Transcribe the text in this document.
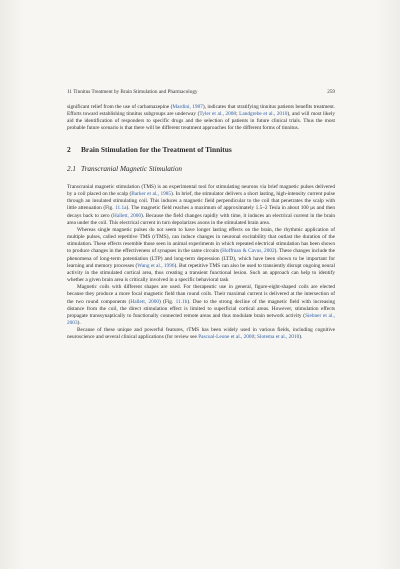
11 Tinnitus Treatment by Brain Stimulation and Pharmacology	259

significant relief from the use of carbamazepine (Mardini, 1987), indicates that stratifying tinnitus patients benefits treatment. Efforts toward establishing tinnitus subgroups are underway (Tyler et al., 2008; Landgrebe et al., 2010), and will most likely aid the identification of responders to specific drugs and the selection of patients in future clinical trials. Thus the most probable future scenario is that there will be different treatment approaches for the different forms of tinnitus.

2 Brain Stimulation for the Treatment of Tinnitus
2.1 Transcranial Magnetic Stimulation

Transcranial magnetic stimulation (TMS) is an experimental tool for stimulating neurons via brief magnetic pulses delivered by a coil placed on the scalp (Barker et al., 1985). In brief, the stimulator delivers a short lasting, high-intensity current pulse through an insulated stimulating coil. This induces a magnetic field perpendicular to the coil that penetrates the scalp with little attenuation (Fig. 11.1a). The magnetic field reaches a maximum of approximately 1.5–2 Tesla in about 100 μs and then decays back to zero (Hallett, 2000). Because the field changes rapidly with time, it induces an electrical current in the brain area under the coil. This electrical current in turn depolarizes axons in the stimulated brain area.

Whereas single magnetic pulses do not seem to have longer lasting effects on the brain, the rhythmic application of multiple pulses, called repetitive TMS (rTMS), can induce changes in neuronal excitability that outlast the duration of the stimulation. These effects resemble those seen in animal experiments in which repeated electrical stimulation has been shown to produce changes in the effectiveness of synapses in the same circuits (Hoffman & Cavus, 2002). These changes include the phenomena of long-term potentiation (LTP) and long-term depression (LTD), which have been shown to be important for learning and memory processes (Wang et al., 1996). But repetitive TMS can also be used to transiently disrupt ongoing neural activity in the stimulated cortical area, thus creating a transient functional lesion. Such an approach can help to identify whether a given brain area is critically involved in a specific behavioral task

Magnetic coils with different shapes are used. For therapeutic use in general, figure-eight-shaped coils are elected because they produce a more focal magnetic field than round coils. Their maximal current is delivered at the intersection of the two round components (Hallett, 2000) (Fig. 11.1b). Due to the strong decline of the magnetic field with increasing distance from the coil, the direct stimulation effect is limited to superficial cortical areas. However, stimulation effects propagate transsynaptically to functionally connected remote areas and thus modulate brain network activity (Siebner et al., 2003).

Because of these unique and powerful features, rTMS has been widely used in various fields, including cognitive neuroscience and several clinical applications (for review see Pascual-Leone et al., 2000; Slotema et al., 2010).
